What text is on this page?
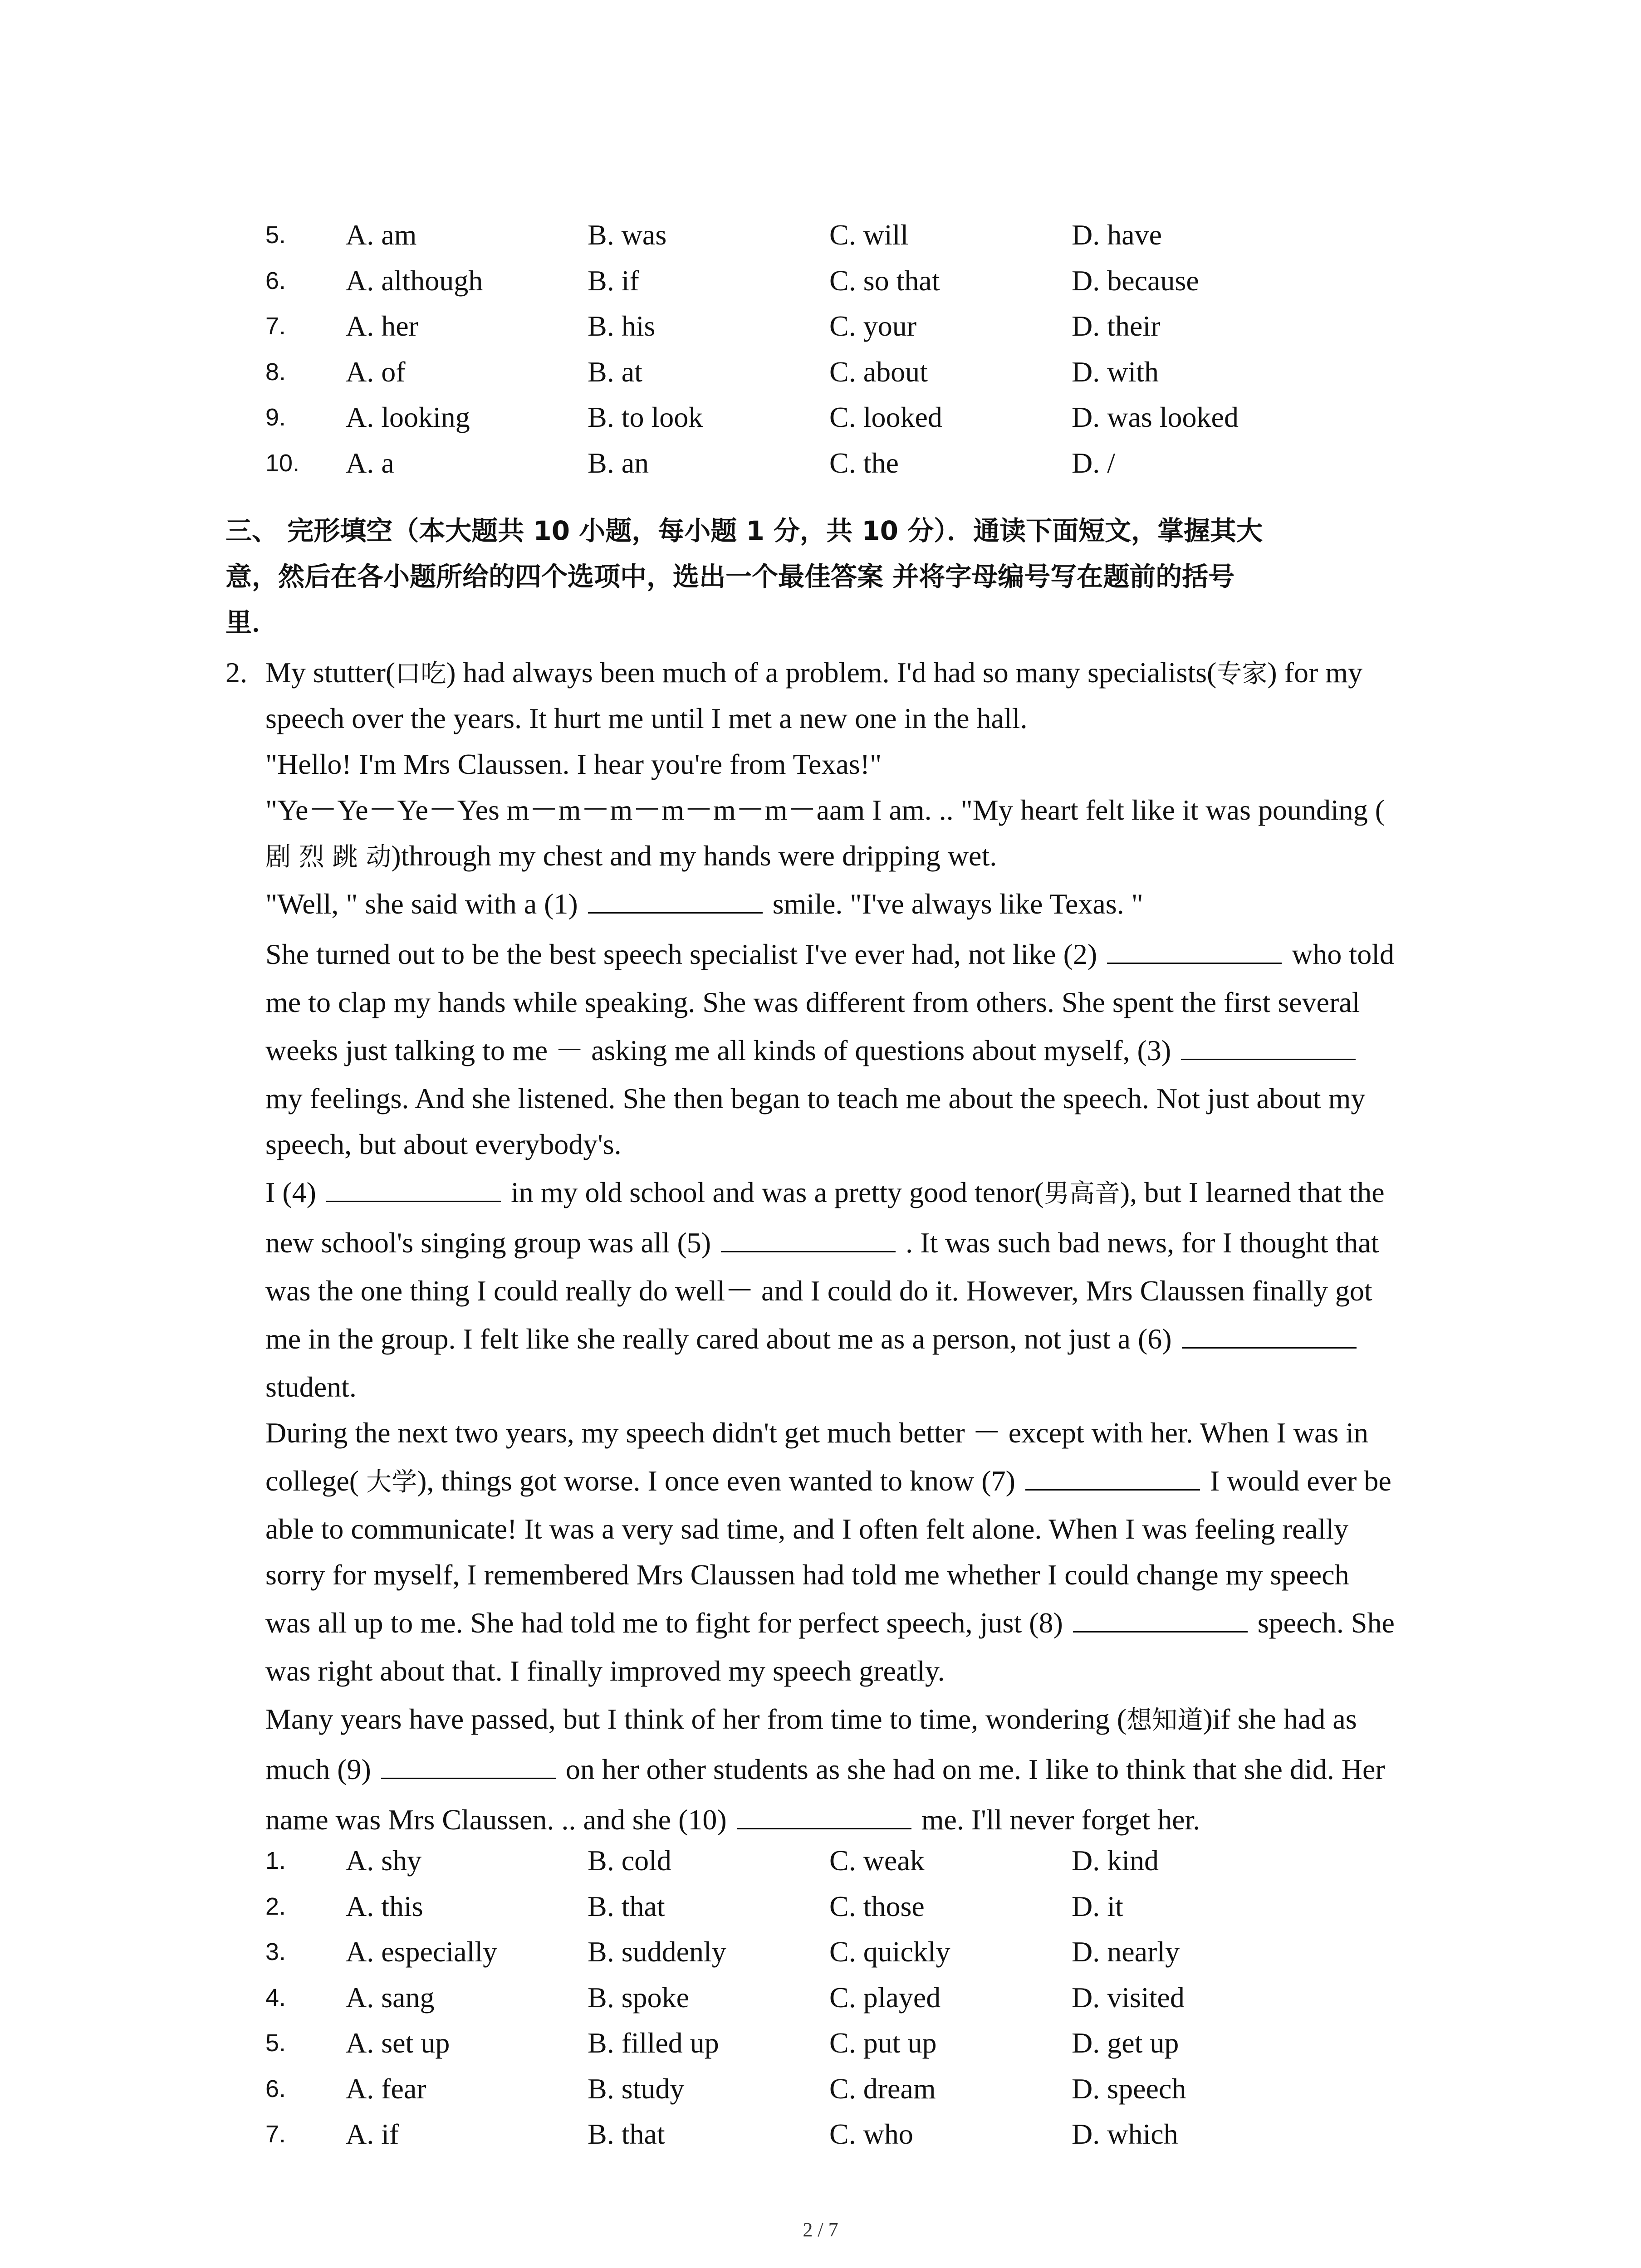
5. A. am	B. was	C. will	D. have
6. A. although	B. if	C. so that	D. because
7. A. her	B. his	C. your	D. their
8. A. of	B. at	C. about	D. with
9. A. looking	B. to look	C. looked	D. was looked
10. A. a	B. an	C. the	D. /
三、 完形填空（本大题共 10 小题，每小题 1 分，共 10 分）．通读下面短文，掌握其大
意，然后在各小题所给的四个选项中，选出一个最佳答案 并将字母编号写在题前的括号
里．
2. My stutter(口吃) had always been much of a problem. I'd had so many specialists(专家) for my
speech over the years. It hurt me until I met a new one in the hall.
"Hello! I'm Mrs Claussen. I hear you're from Texas!"
"Ye－Ye－Ye－Yes m－m－m－m－m－m－aam I am. .. "My heart felt like it was pounding (
剧 烈 跳 动)through my chest and my hands were dripping wet.
"Well, " she said with a (1)	smile. "I've always like Texas. "
She turned out to be the best speech specialist I've ever had, not like (2)	who told
me to clap my hands while speaking. She was different from others. She spent the first several
weeks just talking to me － asking me all kinds of questions about myself, (3)
my feelings. And she listened. She then began to teach me about the speech. Not just about my
speech, but about everybody's.
I (4)	in my old school and was a pretty good tenor(男高音), but I learned that the
new school's singing group was all (5)	. It was such bad news, for I thought that
was the one thing I could really do well－ and I could do it. However, Mrs Claussen finally got
me in the group. I felt like she really cared about me as a person, not just a (6)
student.
During the next two years, my speech didn't get much better － except with her. When I was in
college( 大学), things got worse. I once even wanted to know (7)	I would ever be
able to communicate! It was a very sad time, and I often felt alone. When I was feeling really
sorry for myself, I remembered Mrs Claussen had told me whether I could change my speech
was all up to me. She had told me to fight for perfect speech, just (8)	speech. She
was right about that. I finally improved my speech greatly.
Many years have passed, but I think of her from time to time, wondering (想知道)if she had as
much (9)	on her other students as she had on me. I like to think that she did. Her
name was Mrs Claussen. .. and she (10)	me. I'll never forget her.
1. A. shy	B. cold	C. weak	D. kind
2. A. this	B. that	C. those	D. it
3. A. especially	B. suddenly	C. quickly	D. nearly
4. A. sang	B. spoke	C. played	D. visited
5. A. set up	B. filled up	C. put up	D. get up
6. A. fear	B. study	C. dream	D. speech
7. A. if	B. that	C. who	D. which
2 / 7
